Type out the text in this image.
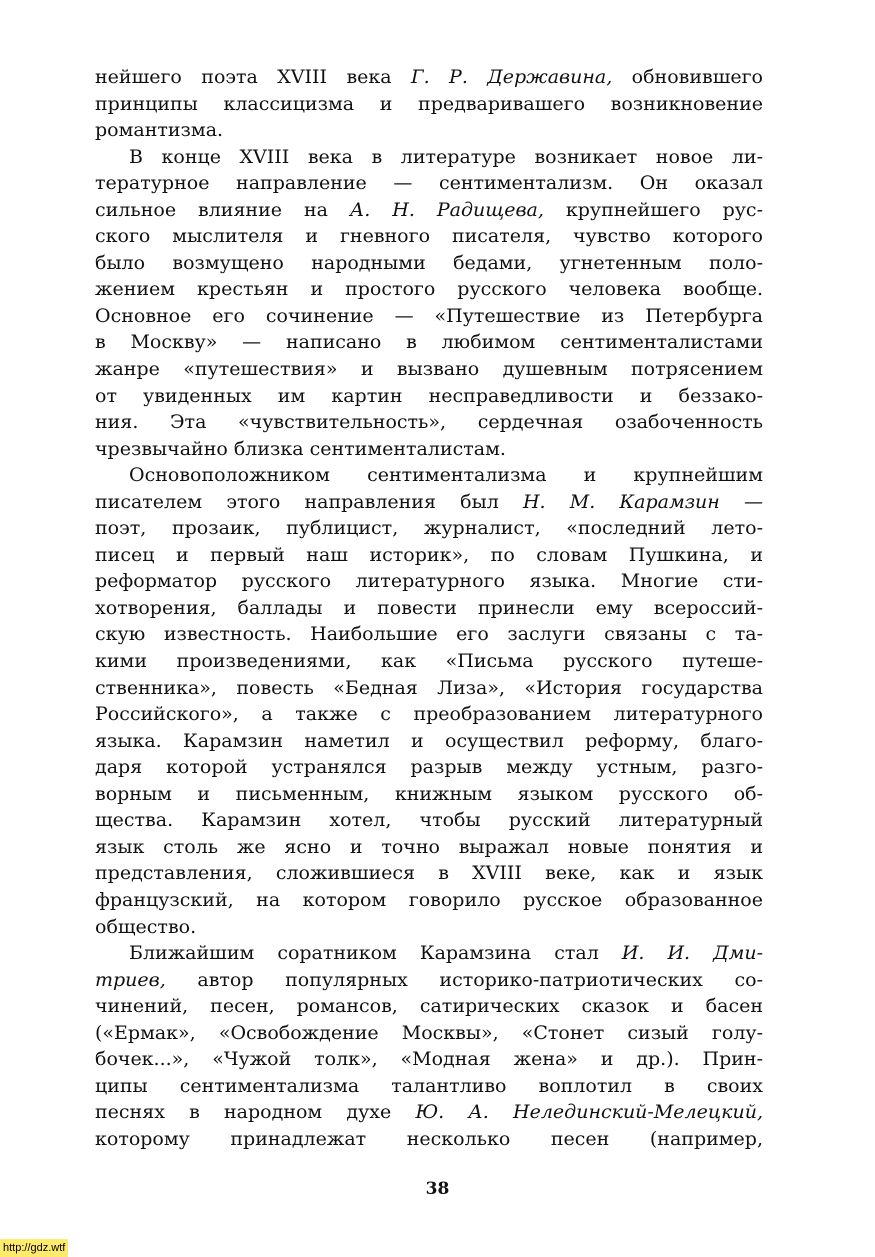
нейшего поэта XVIII века Г. Р. Державина, обновившего
принципы классицизма и предваривашего возникновение
романтизма.
В конце XVIII века в литературе возникает новое ли-
тературное направление — сентиментализм. Он оказал
сильное влияние на А. Н. Радищева, крупнейшего рус-
ского мыслителя и гневного писателя, чувство которого
было возмущено народными бедами, угнетенным поло-
жением крестьян и простого русского человека вообще.
Основное его сочинение — «Путешествие из Петербурга
в Москву» — написано в любимом сентименталистами
жанре «путешествия» и вызвано душевным потрясением
от увиденных им картин несправедливости и беззако-
ния. Эта «чувствительность», сердечная озабоченность
чрезвычайно близка сентименталистам.
Основоположником сентиментализма и крупнейшим
писателем этого направления был Н. М. Карамзин —
поэт, прозаик, публицист, журналист, «последний лето-
писец и первый наш историк», по словам Пушкина, и
реформатор русского литературного языка. Многие сти-
хотворения, баллады и повести принесли ему всероссий-
скую известность. Наибольшие его заслуги связаны с та-
кими произведениями, как «Письма русского путеше-
ственника», повесть «Бедная Лиза», «История государства
Российского», а также с преобразованием литературного
языка. Карамзин наметил и осуществил реформу, благо-
даря которой устранялся разрыв между устным, разго-
ворным и письменным, книжным языком русского об-
щества. Карамзин хотел, чтобы русский литературный
язык столь же ясно и точно выражал новые понятия и
представления, сложившиеся в XVIII веке, как и язык
французский, на котором говорило русское образованное
общество.
Ближайшим соратником Карамзина стал И. И. Дми-
триев, автор популярных историко-патриотических со-
чинений, песен, романсов, сатирических сказок и басен
(«Ермак», «Освобождение Москвы», «Стонет сизый голу-
бочек...», «Чужой толк», «Модная жена» и др.). Прин-
ципы сентиментализма талантливо воплотил в своих
песнях в народном духе Ю. А. Нелединский-Мелецкий,
которому принадлежат несколько песен (например,
38
http://gdz.wtf
